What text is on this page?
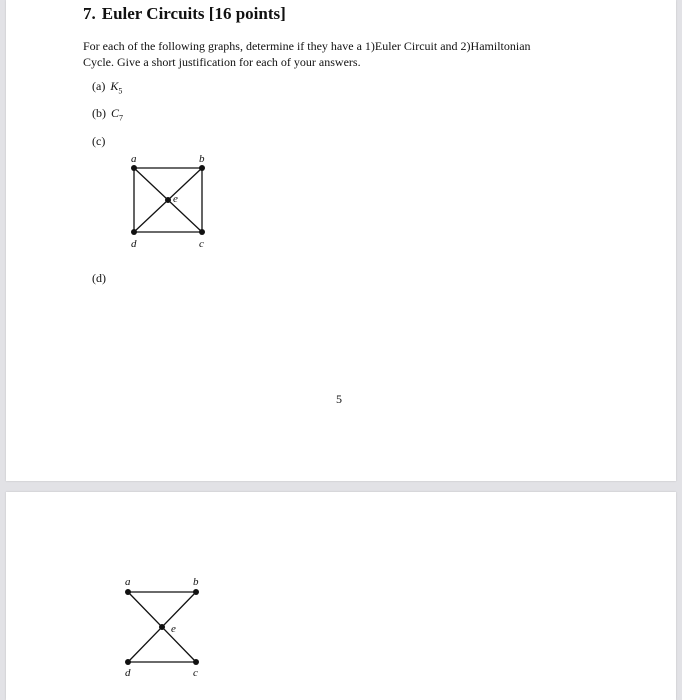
7. Euler Circuits [16 points]
For each of the following graphs, determine if they have a 1)Euler Circuit and 2)Hamiltonian
Cycle. Give a short justification for each of your answers.
(a) $K_5$
(b) $C_7$
(c)
a	b
c
d
e
(d)
5
a	b
c
d
e
